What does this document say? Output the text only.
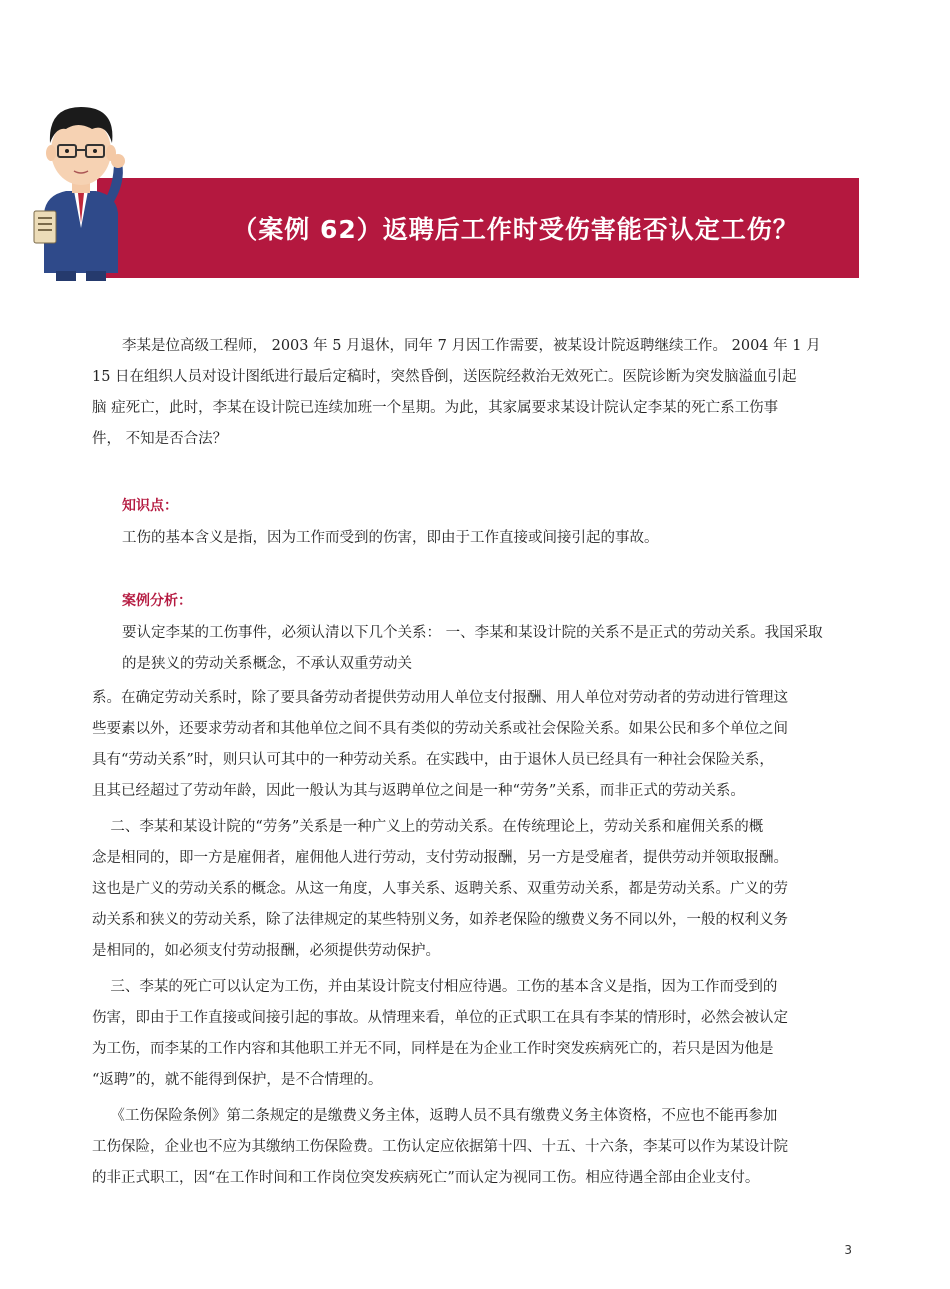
（案例 62）返聘后工作时受伤害能否认定工伤？

李某是位高级工程师， 2003 年 5 月退休，同年 7 月因工作需要，被某设计院返聘继续工作。 2004 年 1 月

15 日在组织人员对设计图纸进行最后定稿时，突然昏倒，送医院经救治无效死亡。医院诊断为突发脑溢血引起

脑 症死亡，此时，李某在设计院已连续加班一个星期。为此，其家属要求某设计院认定李某的死亡系工伤事

件， 不知是否合法？

知识点：

工伤的基本含义是指，因为工作而受到的伤害，即由于工作直接或间接引起的事故。

案例分析：

要认定李某的工伤事件，必须认清以下几个关系： 一、李某和某设计院的关系不是正式的劳动关系。我国采取

的是狭义的劳动关系概念，不承认双重劳动关

系。在确定劳动关系时，除了要具备劳动者提供劳动用人单位支付报酬、用人单位对劳动者的劳动进行管理这

些要素以外，还要求劳动者和其他单位之间不具有类似的劳动关系或社会保险关系。如果公民和多个单位之间

具有“劳动关系”时，则只认可其中的一种劳动关系。在实践中，由于退休人员已经具有一种社会保险关系，

且其已经超过了劳动年龄，因此一般认为其与返聘单位之间是一种“劳务”关系，而非正式的劳动关系。

二、李某和某设计院的“劳务”关系是一种广义上的劳动关系。在传统理论上，劳动关系和雇佣关系的概

念是相同的，即一方是雇佣者，雇佣他人进行劳动，支付劳动报酬，另一方是受雇者，提供劳动并领取报酬。

这也是广义的劳动关系的概念。从这一角度，人事关系、返聘关系、双重劳动关系，都是劳动关系。广义的劳

动关系和狭义的劳动关系，除了法律规定的某些特别义务，如养老保险的缴费义务不同以外，一般的权利义务

是相同的，如必须支付劳动报酬，必须提供劳动保护。

三、李某的死亡可以认定为工伤，并由某设计院支付相应待遇。工伤的基本含义是指，因为工作而受到的

伤害，即由于工作直接或间接引起的事故。从情理来看，单位的正式职工在具有李某的情形时，必然会被认定

为工伤，而李某的工作内容和其他职工并无不同，同样是在为企业工作时突发疾病死亡的，若只是因为他是

“返聘”的，就不能得到保护，是不合情理的。

《工伤保险条例》第二条规定的是缴费义务主体，返聘人员不具有缴费义务主体资格，不应也不能再参加

工伤保险，企业也不应为其缴纳工伤保险费。工伤认定应依据第十四、十五、十六条，李某可以作为某设计院

的非正式职工，因“在工作时间和工作岗位突发疾病死亡”而认定为视同工伤。相应待遇全部由企业支付。

3
